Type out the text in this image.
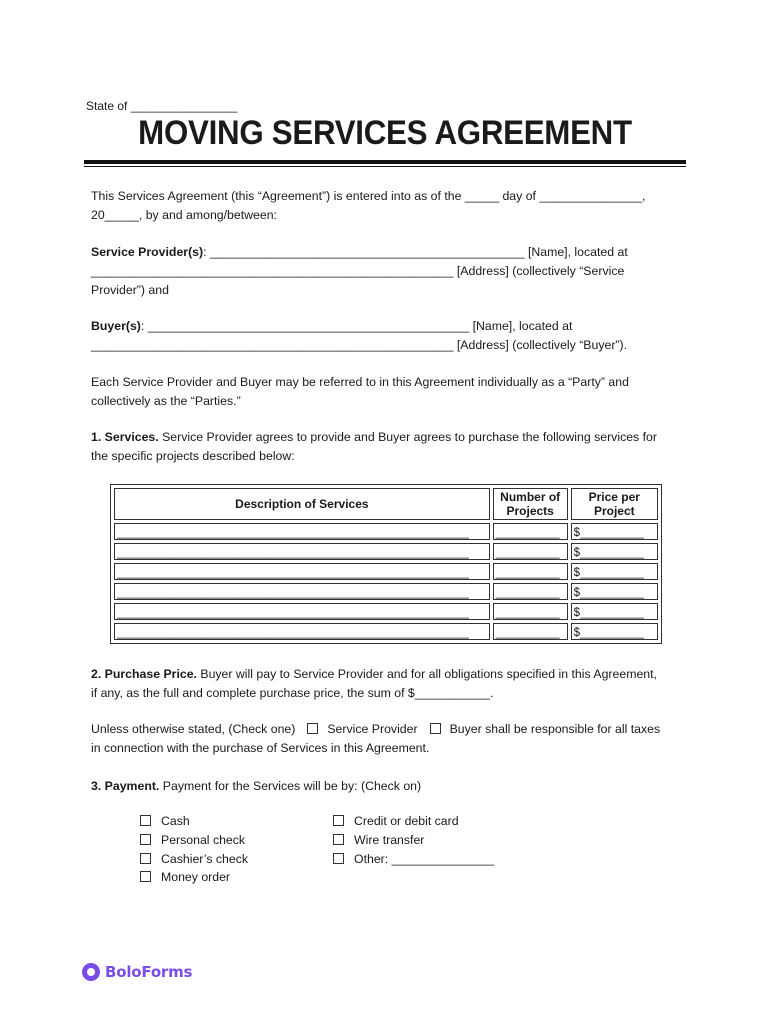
State of ________________
MOVING SERVICES AGREEMENT

This Services Agreement (this “Agreement”) is entered into as of the _____ day of _______________,
20_____, by and among/between:

Service Provider(s): ______________________________________________ [Name], located at
_____________________________________________________ [Address] (collectively “Service
Provider”) and

Buyer(s): _______________________________________________ [Name], located at
_____________________________________________________ [Address] (collectively “Buyer”).

Each Service Provider and Buyer may be referred to in this Agreement individually as a “Party” and
collectively as the “Parties.”

1. Services. Service Provider agrees to provide and Buyer agrees to purchase the following services for
the specific projects described below:

Description of Services	Number of Projects	Price per Project
_______________________________________________________	__________	$__________
_______________________________________________________	__________	$__________
_______________________________________________________	__________	$__________
_______________________________________________________	__________	$__________
_______________________________________________________	__________	$__________
_______________________________________________________	__________	$__________

2. Purchase Price. Buyer will pay to Service Provider and for all obligations specified in this Agreement,
if any, as the full and complete purchase price, the sum of $___________.

Unless otherwise stated, (Check one)	Service Provider	Buyer shall be responsible for all taxes
in connection with the purchase of Services in this Agreement.

3. Payment. Payment for the Services will be by: (Check on)

Cash
Personal check
Cashier’s check
Money order
Credit or debit card
Wire transfer
Other: _______________
BoloForms
